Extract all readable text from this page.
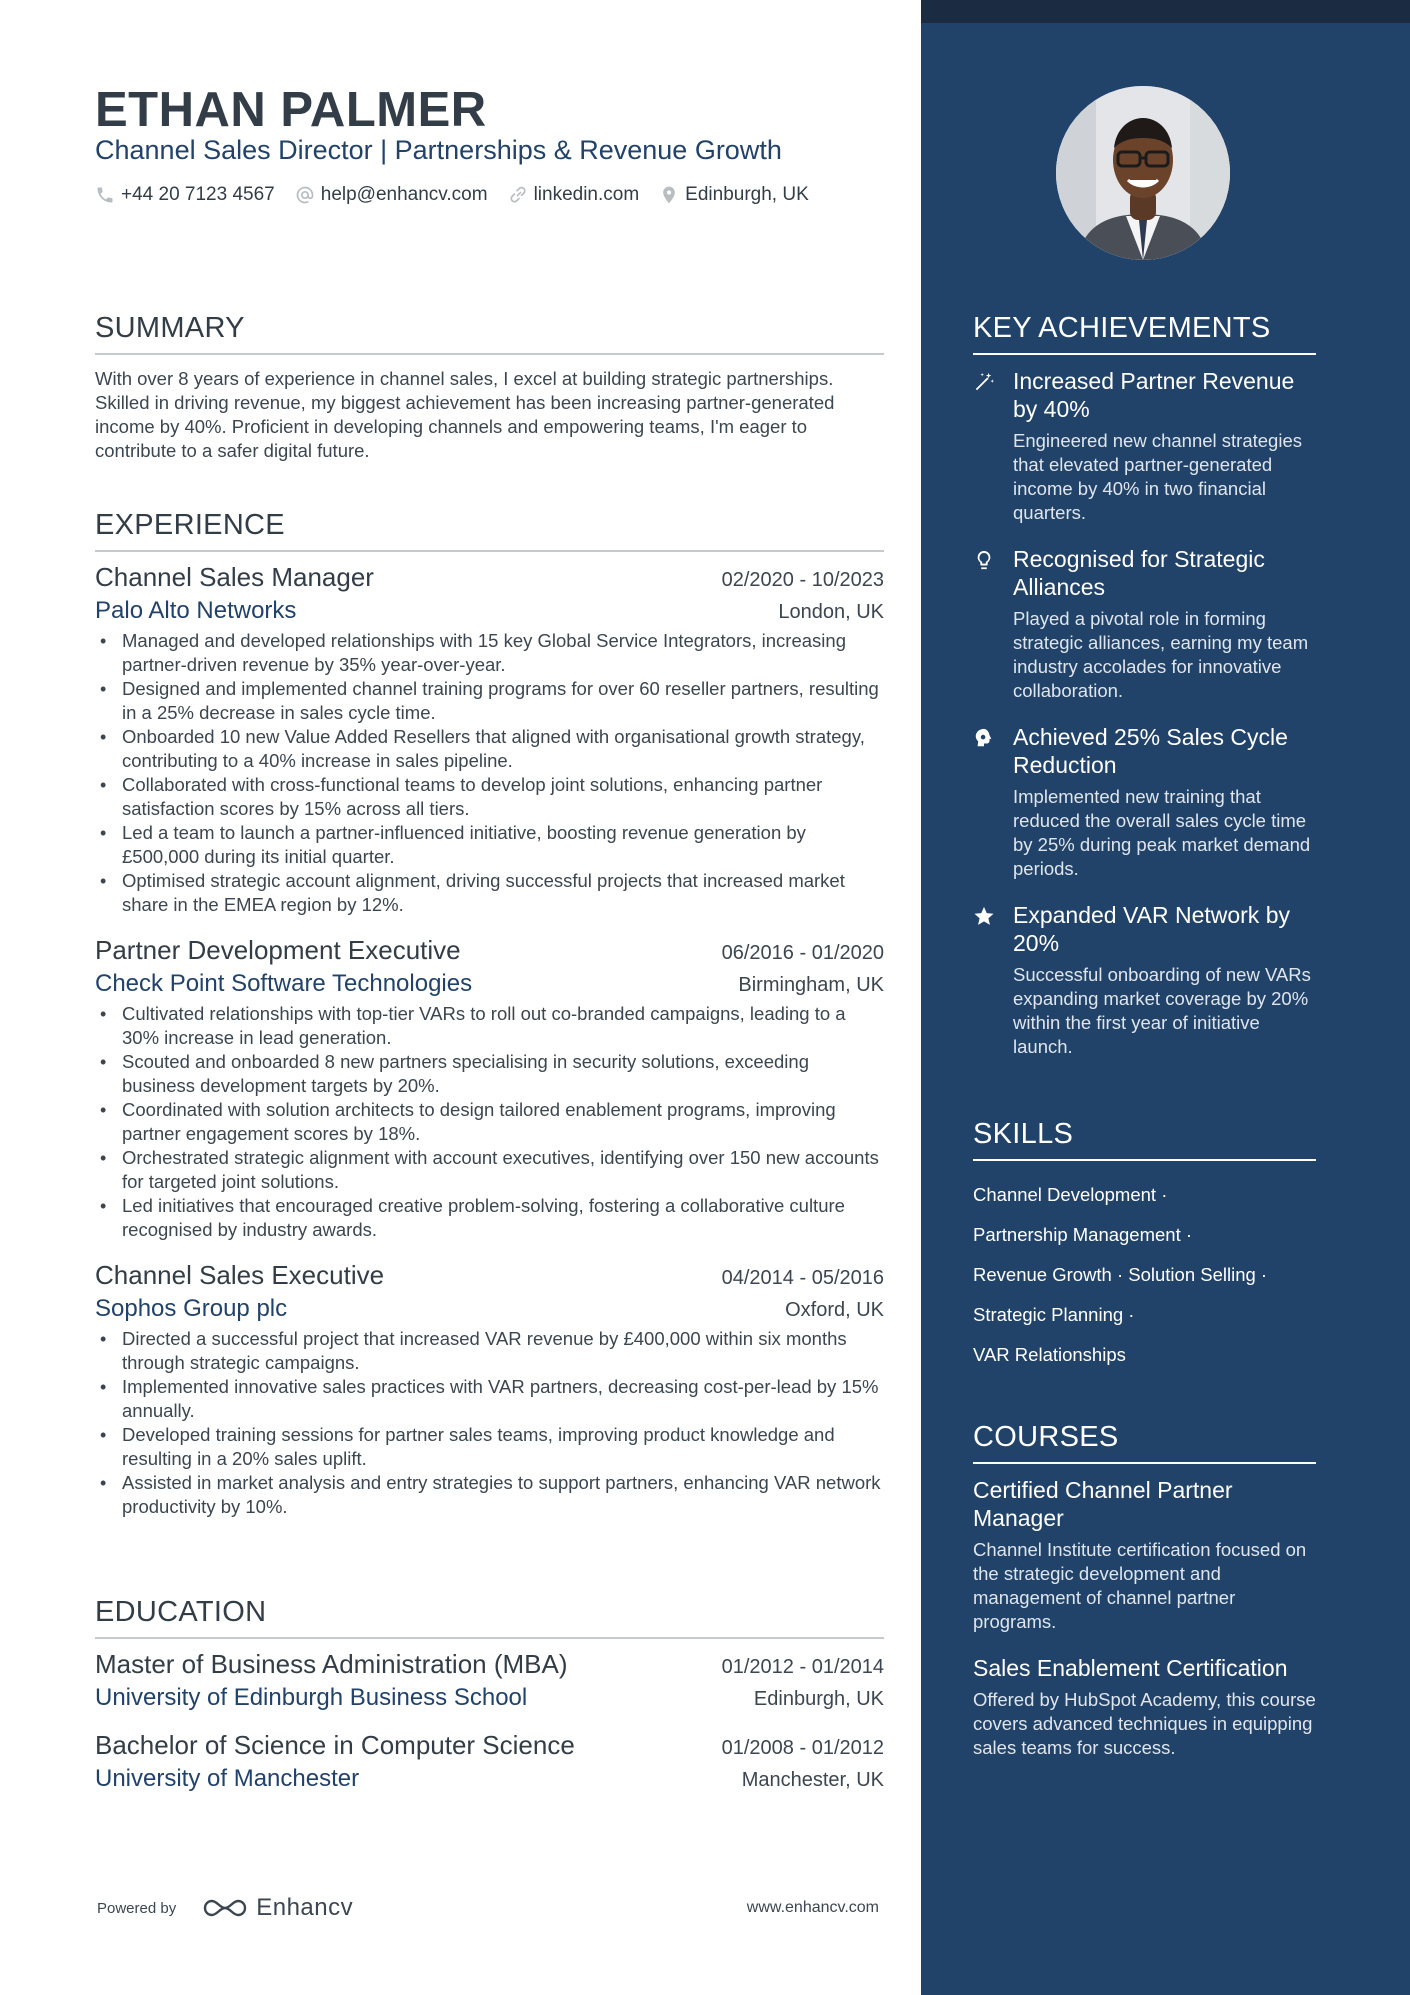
ETHAN PALMER
Channel Sales Director | Partnerships & Revenue Growth
+44 20 7123 4567 help@enhancv.com linkedin.com Edinburgh, UK
SUMMARY
With over 8 years of experience in channel sales, I excel at building strategic partnerships. Skilled in driving revenue, my biggest achievement has been increasing partner-generated income by 40%. Proficient in developing channels and empowering teams, I'm eager to contribute to a safer digital future.
EXPERIENCE
Channel Sales Manager	02/2020 - 10/2023
Palo Alto Networks	London, UK
• Managed and developed relationships with 15 key Global Service Integrators, increasing partner-driven revenue by 35% year-over-year.
• Designed and implemented channel training programs for over 60 reseller partners, resulting in a 25% decrease in sales cycle time.
• Onboarded 10 new Value Added Resellers that aligned with organisational growth strategy, contributing to a 40% increase in sales pipeline.
• Collaborated with cross-functional teams to develop joint solutions, enhancing partner satisfaction scores by 15% across all tiers.
• Led a team to launch a partner-influenced initiative, boosting revenue generation by £500,000 during its initial quarter.
• Optimised strategic account alignment, driving successful projects that increased market share in the EMEA region by 12%.
Partner Development Executive	06/2016 - 01/2020
Check Point Software Technologies	Birmingham, UK
• Cultivated relationships with top-tier VARs to roll out co-branded campaigns, leading to a 30% increase in lead generation.
• Scouted and onboarded 8 new partners specialising in security solutions, exceeding business development targets by 20%.
• Coordinated with solution architects to design tailored enablement programs, improving partner engagement scores by 18%.
• Orchestrated strategic alignment with account executives, identifying over 150 new accounts for targeted joint solutions.
• Led initiatives that encouraged creative problem-solving, fostering a collaborative culture recognised by industry awards.
Channel Sales Executive	04/2014 - 05/2016
Sophos Group plc	Oxford, UK
• Directed a successful project that increased VAR revenue by £400,000 within six months through strategic campaigns.
• Implemented innovative sales practices with VAR partners, decreasing cost-per-lead by 15% annually.
• Developed training sessions for partner sales teams, improving product knowledge and resulting in a 20% sales uplift.
• Assisted in market analysis and entry strategies to support partners, enhancing VAR network productivity by 10%.
EDUCATION
Master of Business Administration (MBA)	01/2012 - 01/2014
University of Edinburgh Business School	Edinburgh, UK
Bachelor of Science in Computer Science	01/2008 - 01/2012
University of Manchester	Manchester, UK
Powered by	Enhancv	www.enhancv.com
KEY ACHIEVEMENTS
Increased Partner Revenue by 40%
Engineered new channel strategies that elevated partner-generated income by 40% in two financial quarters.
Recognised for Strategic Alliances
Played a pivotal role in forming strategic alliances, earning my team industry accolades for innovative collaboration.
Achieved 25% Sales Cycle Reduction
Implemented new training that reduced the overall sales cycle time by 25% during peak market demand periods.
Expanded VAR Network by 20%
Successful onboarding of new VARs expanding market coverage by 20% within the first year of initiative launch.
SKILLS
Channel Development ·
Partnership Management ·
Revenue Growth · Solution Selling ·
Strategic Planning ·
VAR Relationships
COURSES
Certified Channel Partner Manager
Channel Institute certification focused on the strategic development and management of channel partner programs.
Sales Enablement Certification
Offered by HubSpot Academy, this course covers advanced techniques in equipping sales teams for success.
